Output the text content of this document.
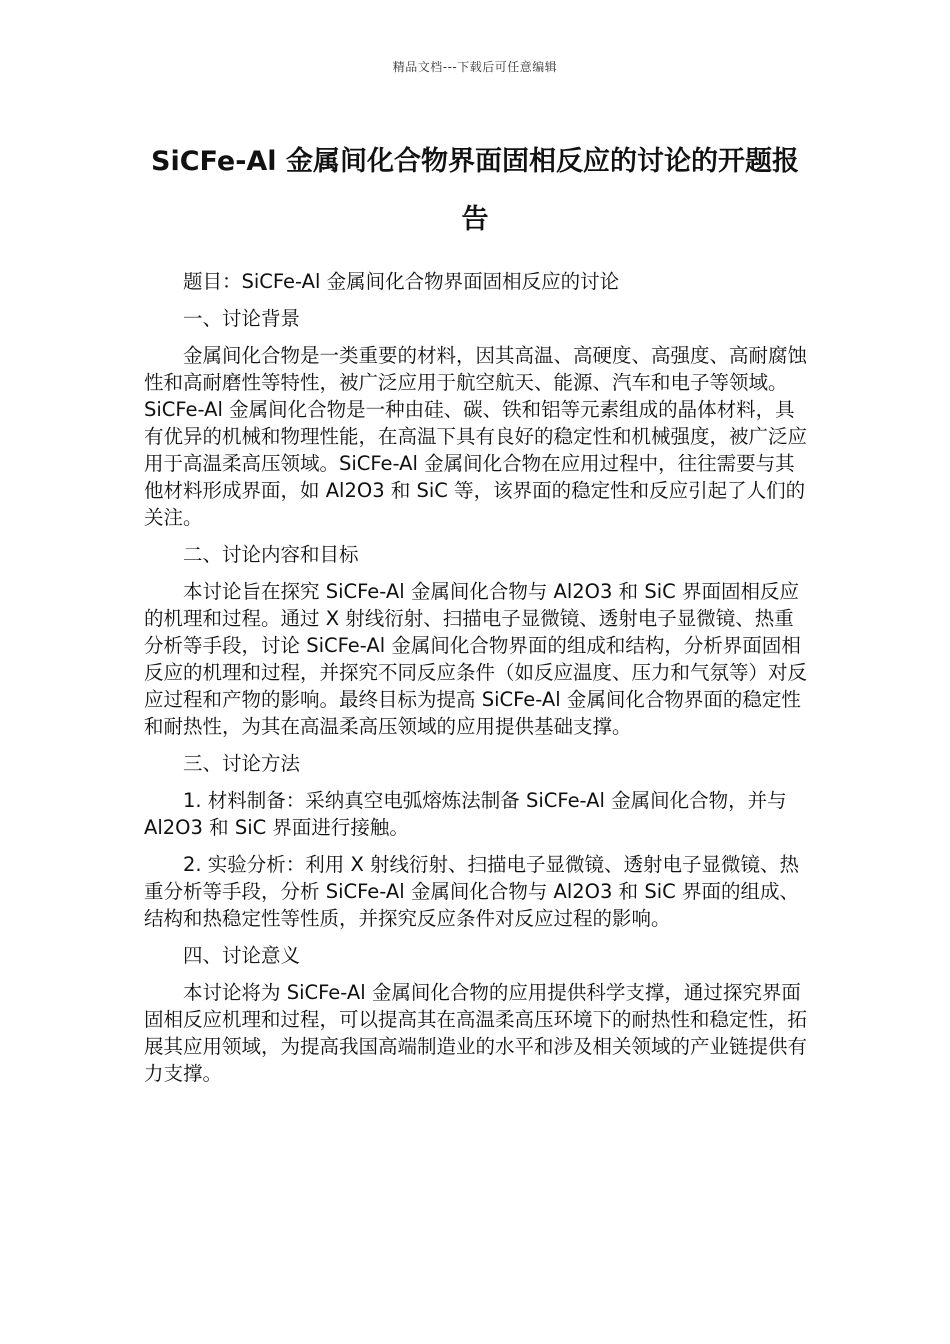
精品文档---下载后可任意编辑
SiCFe-Al 金属间化合物界面固相反应的讨论的开题报告

题目：SiCFe-Al 金属间化合物界面固相反应的讨论

一、讨论背景

金属间化合物是一类重要的材料，因其高温、高硬度、高强度、高耐腐蚀性和高耐磨性等特性，被广泛应用于航空航天、能源、汽车和电子等领域。SiCFe-Al 金属间化合物是一种由硅、碳、铁和铝等元素组成的晶体材料，具有优异的机械和物理性能，在高温下具有良好的稳定性和机械强度，被广泛应用于高温柔高压领域。SiCFe-Al 金属间化合物在应用过程中，往往需要与其他材料形成界面，如 Al2O3 和 SiC 等，该界面的稳定性和反应引起了人们的关注。

二、讨论内容和目标

本讨论旨在探究 SiCFe-Al 金属间化合物与 Al2O3 和 SiC 界面固相反应的机理和过程。通过 X 射线衍射、扫描电子显微镜、透射电子显微镜、热重分析等手段，讨论 SiCFe-Al 金属间化合物界面的组成和结构，分析界面固相反应的机理和过程，并探究不同反应条件（如反应温度、压力和气氛等）对反应过程和产物的影响。最终目标为提高 SiCFe-Al 金属间化合物界面的稳定性和耐热性，为其在高温柔高压领域的应用提供基础支撑。

三、讨论方法

1. 材料制备：采纳真空电弧熔炼法制备 SiCFe-Al 金属间化合物，并与 Al2O3 和 SiC 界面进行接触。

2. 实验分析：利用 X 射线衍射、扫描电子显微镜、透射电子显微镜、热重分析等手段，分析 SiCFe-Al 金属间化合物与 Al2O3 和 SiC 界面的组成、结构和热稳定性等性质，并探究反应条件对反应过程的影响。

四、讨论意义

本讨论将为 SiCFe-Al 金属间化合物的应用提供科学支撑，通过探究界面固相反应机理和过程，可以提高其在高温柔高压环境下的耐热性和稳定性，拓展其应用领域，为提高我国高端制造业的水平和涉及相关领域的产业链提供有力支撑。
